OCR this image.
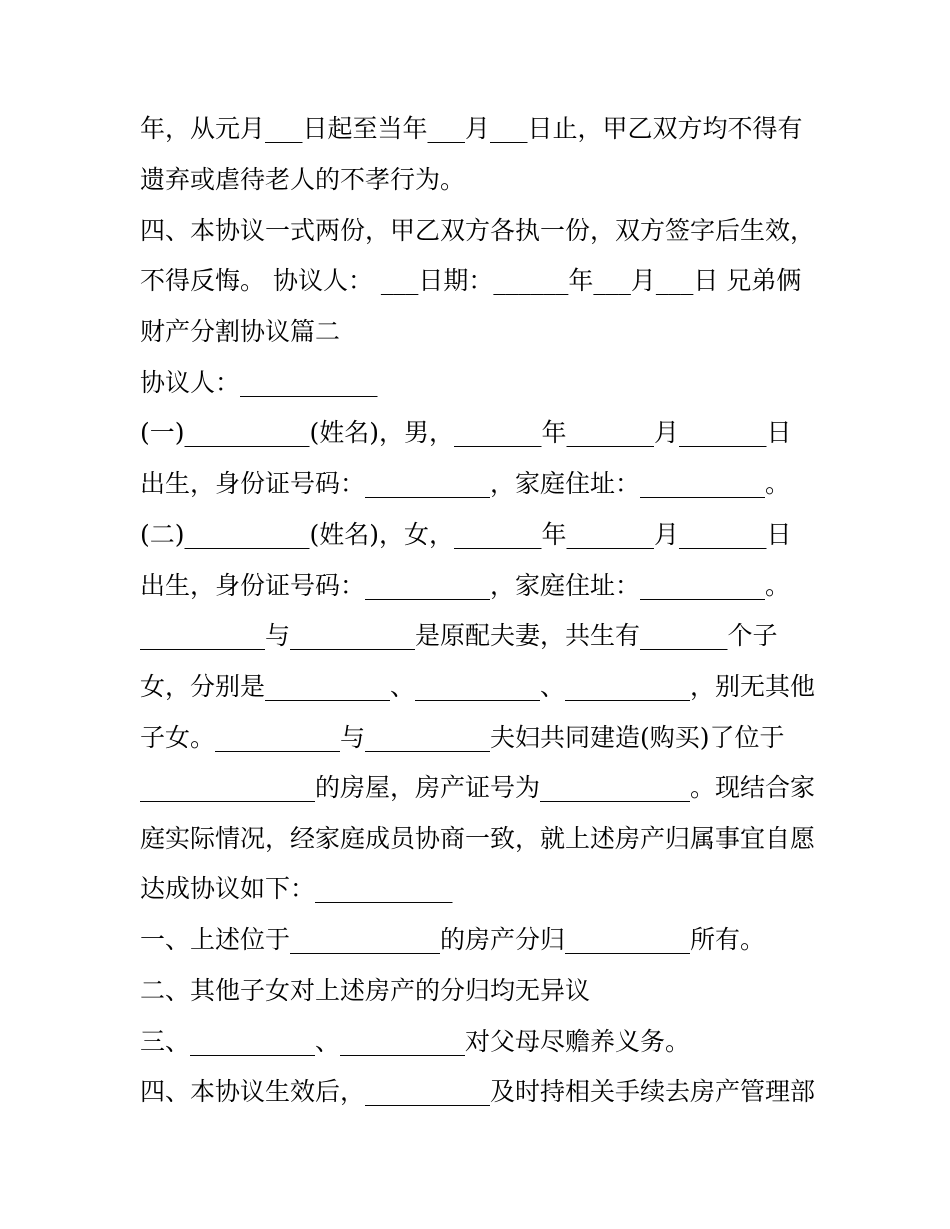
年，从元月___日起至当年___月___日止，甲乙双方均不得有
遗弃或虐待老人的不孝行为。
四、本协议一式两份，甲乙双方各执一份，双方签字后生效，
不得反悔。 协议人： ___日期：______年___月___日 兄弟俩
财产分割协议篇二
协议人：___________
(一)__________(姓名)，男，_______年_______月_______日
出生，身份证号码：__________，家庭住址：__________。
(二)__________(姓名)，女，_______年_______月_______日
出生，身份证号码：__________，家庭住址：__________。
__________与__________是原配夫妻，共生有_______个子
女，分别是__________、__________、__________，别无其他
子女。__________与__________夫妇共同建造(购买)了位于
______________的房屋，房产证号为____________。现结合家
庭实际情况，经家庭成员协商一致，就上述房产归属事宜自愿
达成协议如下：___________
一、上述位于____________的房产分归__________所有。
二、其他子女对上述房产的分归均无异议
三、__________、__________对父母尽赡养义务。
四、本协议生效后，__________及时持相关手续去房产管理部
